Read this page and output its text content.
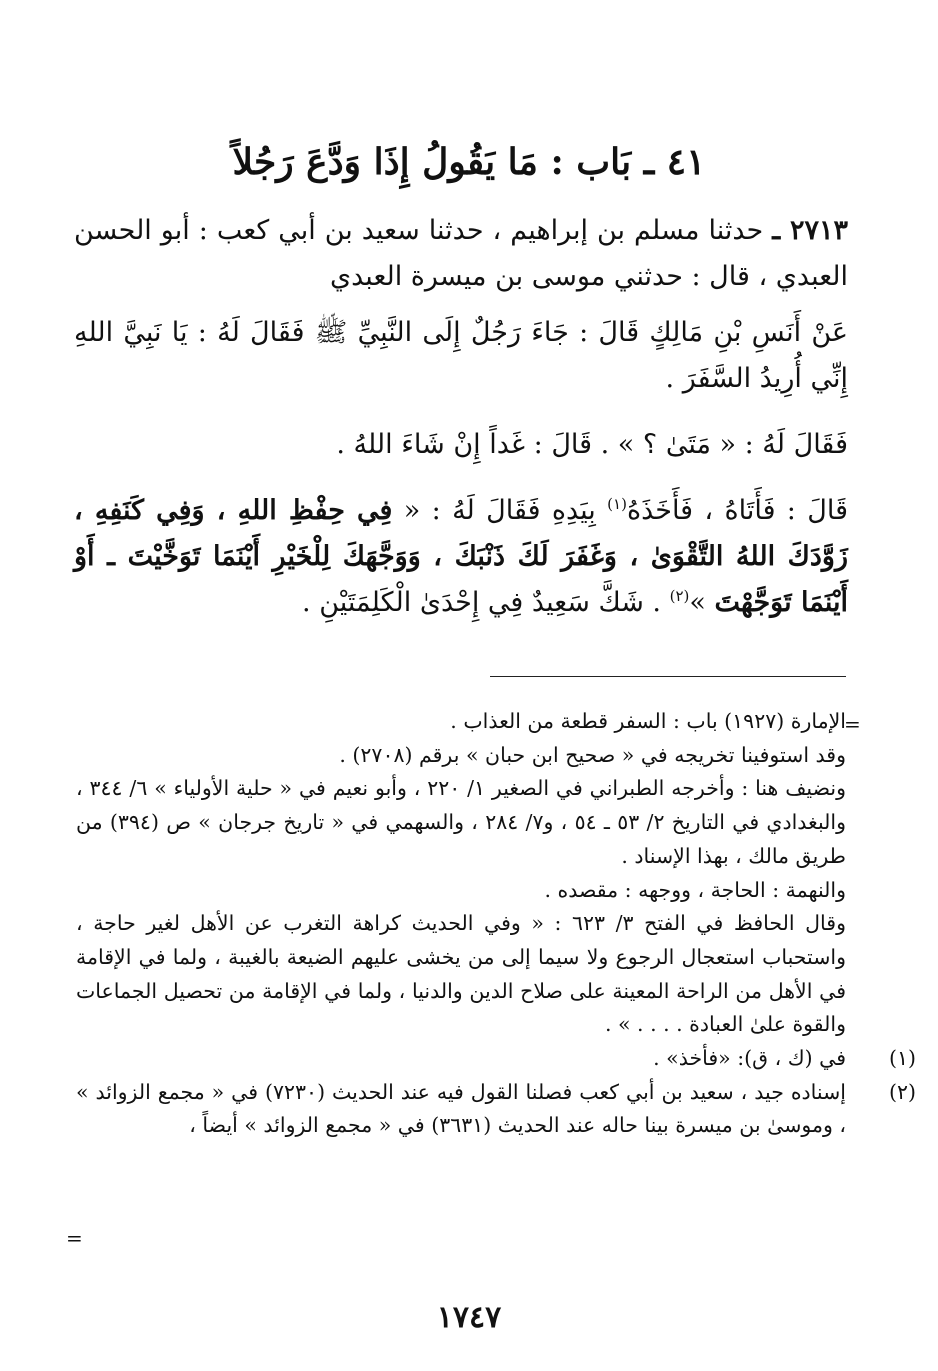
٤١ ـ بَاب : مَا يَقُولُ إِذَا وَدَّعَ رَجُلاً

٢٧١٣ ـ حدثنا مسلم بن إبراهيم ، حدثنا سعيد بن أبي كعب : أبو الحسن العبدي ، قال : حدثني موسى بن ميسرة العبدي

عَنْ أَنَسِ بْنِ مَالِكٍ قَالَ : جَاءَ رَجُلٌ إِلَى النَّبِيِّ ﷺ فَقَالَ لَهُ : يَا نَبِيَّ اللهِ إِنِّي أُرِيدُ السَّفَرَ .

فَقَالَ لَهُ : « مَتَىٰ ؟ » . قَالَ : غَداً إِنْ شَاءَ اللهُ .

قَالَ : فَأَتَاهُ ، فَأَخَذَهُ$^{(١)}$ بِيَدِهِ فَقَالَ لَهُ : « فِي حِفْظِ اللهِ ، وَفِي كَنَفِهِ ، زَوَّدَكَ اللهُ التَّقْوَىٰ ، وَغَفَرَ لَكَ ذَنْبَكَ ، وَوَجَّهَكَ لِلْخَيْرِ أَيْنَمَا تَوَخَّيْتَ ـ أَوْ أَيْنَمَا تَوَجَّهْتَ »$^{(٢)}$ . شَكَّ سَعِيدٌ فِي إِحْدَىٰ الْكَلِمَتَيْنِ .

=

الإمارة (١٩٢٧) باب : السفر قطعة من العذاب .

وقد استوفينا تخريجه في « صحيح ابن حبان » برقم (٢٧٠٨) .

ونضيف هنا : وأخرجه الطبراني في الصغير ١/ ٢٢٠ ، وأبو نعيم في « حلية الأولياء » ٦/ ٣٤٤ ، والبغدادي في التاريخ ٢/ ٥٣ ـ ٥٤ ، و٧/ ٢٨٤ ، والسهمي في « تاريخ جرجان » ص (٣٩٤) من طريق مالك ، بهذا الإسناد .

والنهمة : الحاجة ، ووجهه : مقصده .

وقال الحافظ في الفتح ٣/ ٦٢٣ : « وفي الحديث كراهة التغرب عن الأهل لغير حاجة ، واستحباب استعجال الرجوع ولا سيما إلى من يخشى عليهم الضيعة بالغيبة ، ولما في الإقامة في الأهل من الراحة المعينة على صلاح الدين والدنيا ، ولما في الإقامة من تحصيل الجماعات والقوة علىٰ العبادة . . . . » .

(١)

في (ك ، ق): «فأخذ» .

(٢)

إسناده جيد ، سعيد بن أبي كعب فصلنا القول فيه عند الحديث (٧٢٣٠) في « مجمع الزوائد » ، وموسىٰ بن ميسرة بينا حاله عند الحديث (٣٦٣١) في « مجمع الزوائد » أيضاً ،

=
١٧٤٧
